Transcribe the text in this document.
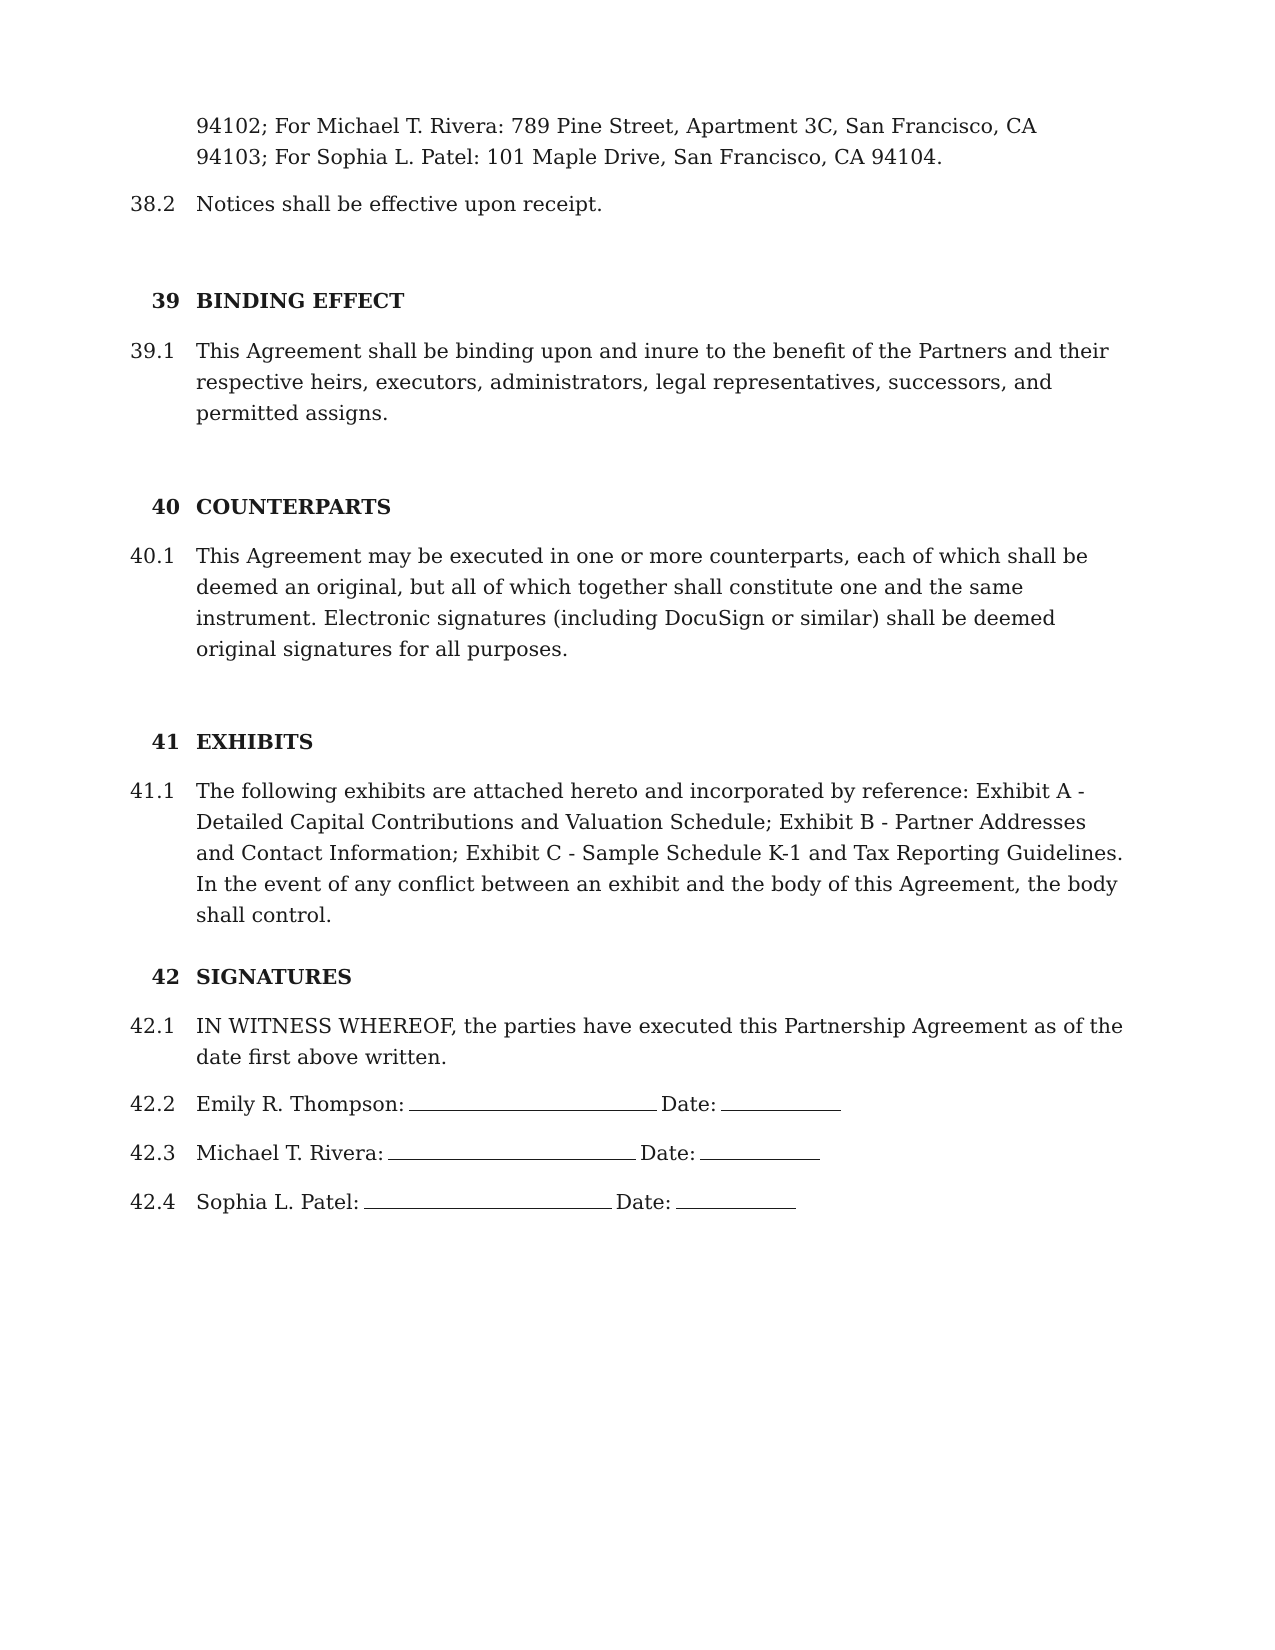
94102; For Michael T. Rivera: 789 Pine Street, Apartment 3C, San Francisco, CA 94103; For Sophia L. Patel: 101 Maple Drive, San Francisco, CA 94104.
38.2 Notices shall be effective upon receipt.
39 BINDING EFFECT
39.1 This Agreement shall be binding upon and inure to the benefit of the Partners and their respective heirs, executors, administrators, legal representatives, successors, and permitted assigns.
40 COUNTERPARTS
40.1 This Agreement may be executed in one or more counterparts, each of which shall be deemed an original, but all of which together shall constitute one and the same instrument. Electronic signatures (including DocuSign or similar) shall be deemed original signatures for all purposes.
41 EXHIBITS
41.1 The following exhibits are attached hereto and incorporated by reference: Exhibit A - Detailed Capital Contributions and Valuation Schedule; Exhibit B - Partner Addresses and Contact Information; Exhibit C - Sample Schedule K-1 and Tax Reporting Guidelines. In the event of any conflict between an exhibit and the body of this Agreement, the body shall control.
42 SIGNATURES
42.1 IN WITNESS WHEREOF, the parties have executed this Partnership Agreement as of the date first above written.
42.2 Emily R. Thompson:	Date:
42.3 Michael T. Rivera:	Date:
42.4 Sophia L. Patel:	Date:
